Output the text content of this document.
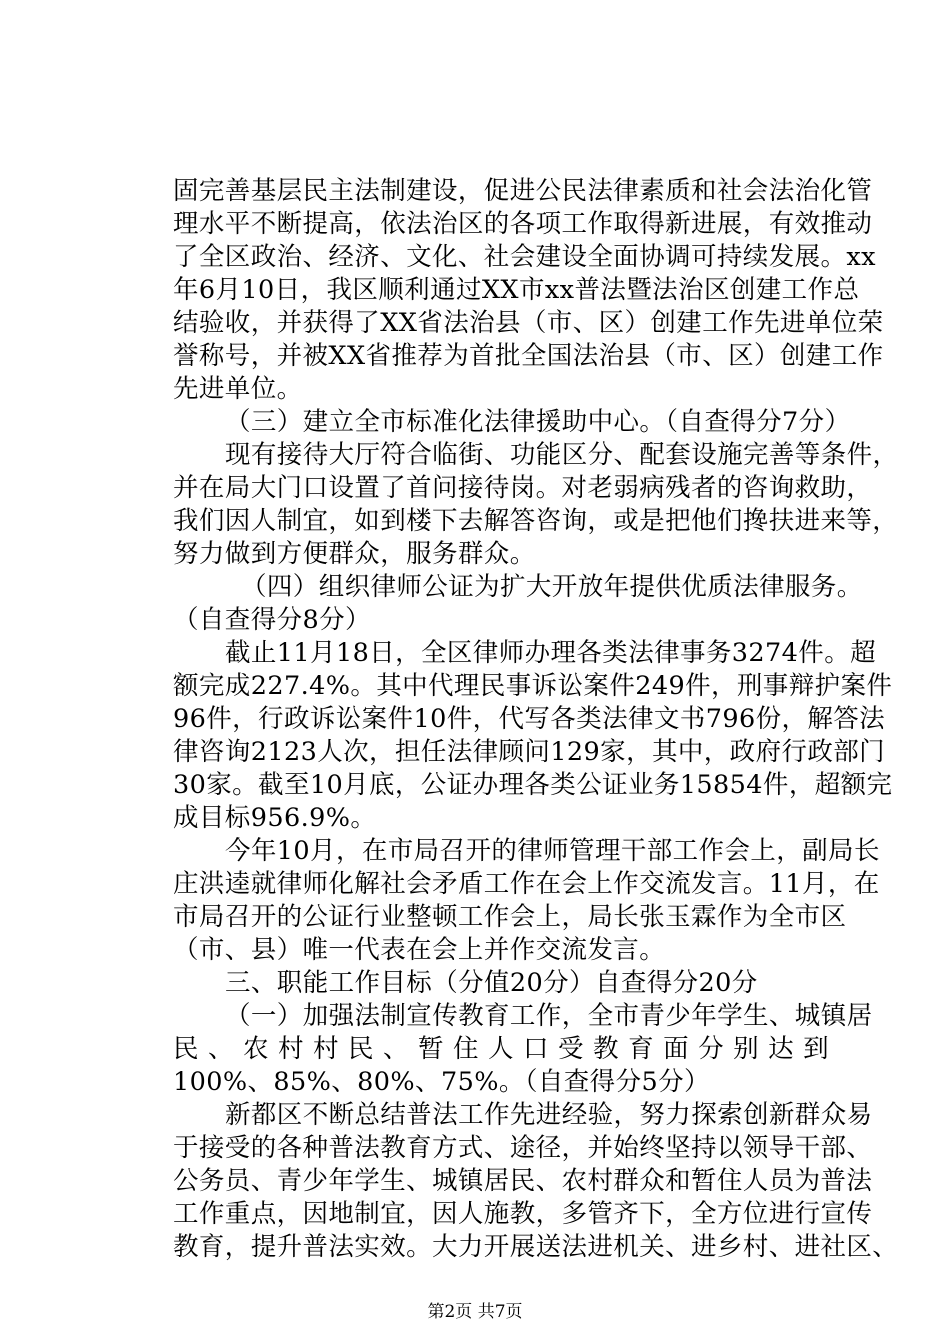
固完善基层民主法制建设，促进公民法律素质和社会法治化管
理水平不断提高，依法治区的各项工作取得新进展，有效推动
了全区政治、经济、文化、社会建设全面协调可持续发展。xx
年6月10日，我区顺利通过XX市xx普法暨法治区创建工作总
结验收，并获得了XX省法治县（市、区）创建工作先进单位荣
誉称号，并被XX省推荐为首批全国法治县（市、区）创建工作
先进单位。
（三）建立全市标准化法律援助中心。（自查得分7分）
现有接待大厅符合临街、功能区分、配套设施完善等条件，
并在局大门口设置了首问接待岗。对老弱病残者的咨询救助，
我们因人制宜，如到楼下去解答咨询，或是把他们搀扶进来等，
努力做到方便群众，服务群众。
（四）组织律师公证为扩大开放年提供优质法律服务。
（自查得分8分）
截止11月18日，全区律师办理各类法律事务3274件。超
额完成227.4%。其中代理民事诉讼案件249件，刑事辩护案件
96件，行政诉讼案件10件，代写各类法律文书796份，解答法
律咨询2123人次，担任法律顾问129家，其中，政府行政部门
30家。截至10月底，公证办理各类公证业务15854件，超额完
成目标956.9%。
今年10月，在市局召开的律师管理干部工作会上，副局长
庄洪逵就律师化解社会矛盾工作在会上作交流发言。11月，在
市局召开的公证行业整顿工作会上，局长张玉霖作为全市区
（市、县）唯一代表在会上并作交流发言。
三、职能工作目标（分值20分）自查得分20分
（一）加强法制宣传教育工作，全市青少年学生、城镇居
民、农村村民、暂住人口受教育面分别达到
100%、85%、80%、75%。（自查得分5分）
新都区不断总结普法工作先进经验，努力探索创新群众易
于接受的各种普法教育方式、途径，并始终坚持以领导干部、
公务员、青少年学生、城镇居民、农村群众和暂住人员为普法
工作重点，因地制宜，因人施教，多管齐下，全方位进行宣传
教育，提升普法实效。大力开展送法进机关、进乡村、进社区、
第2页 共7页
